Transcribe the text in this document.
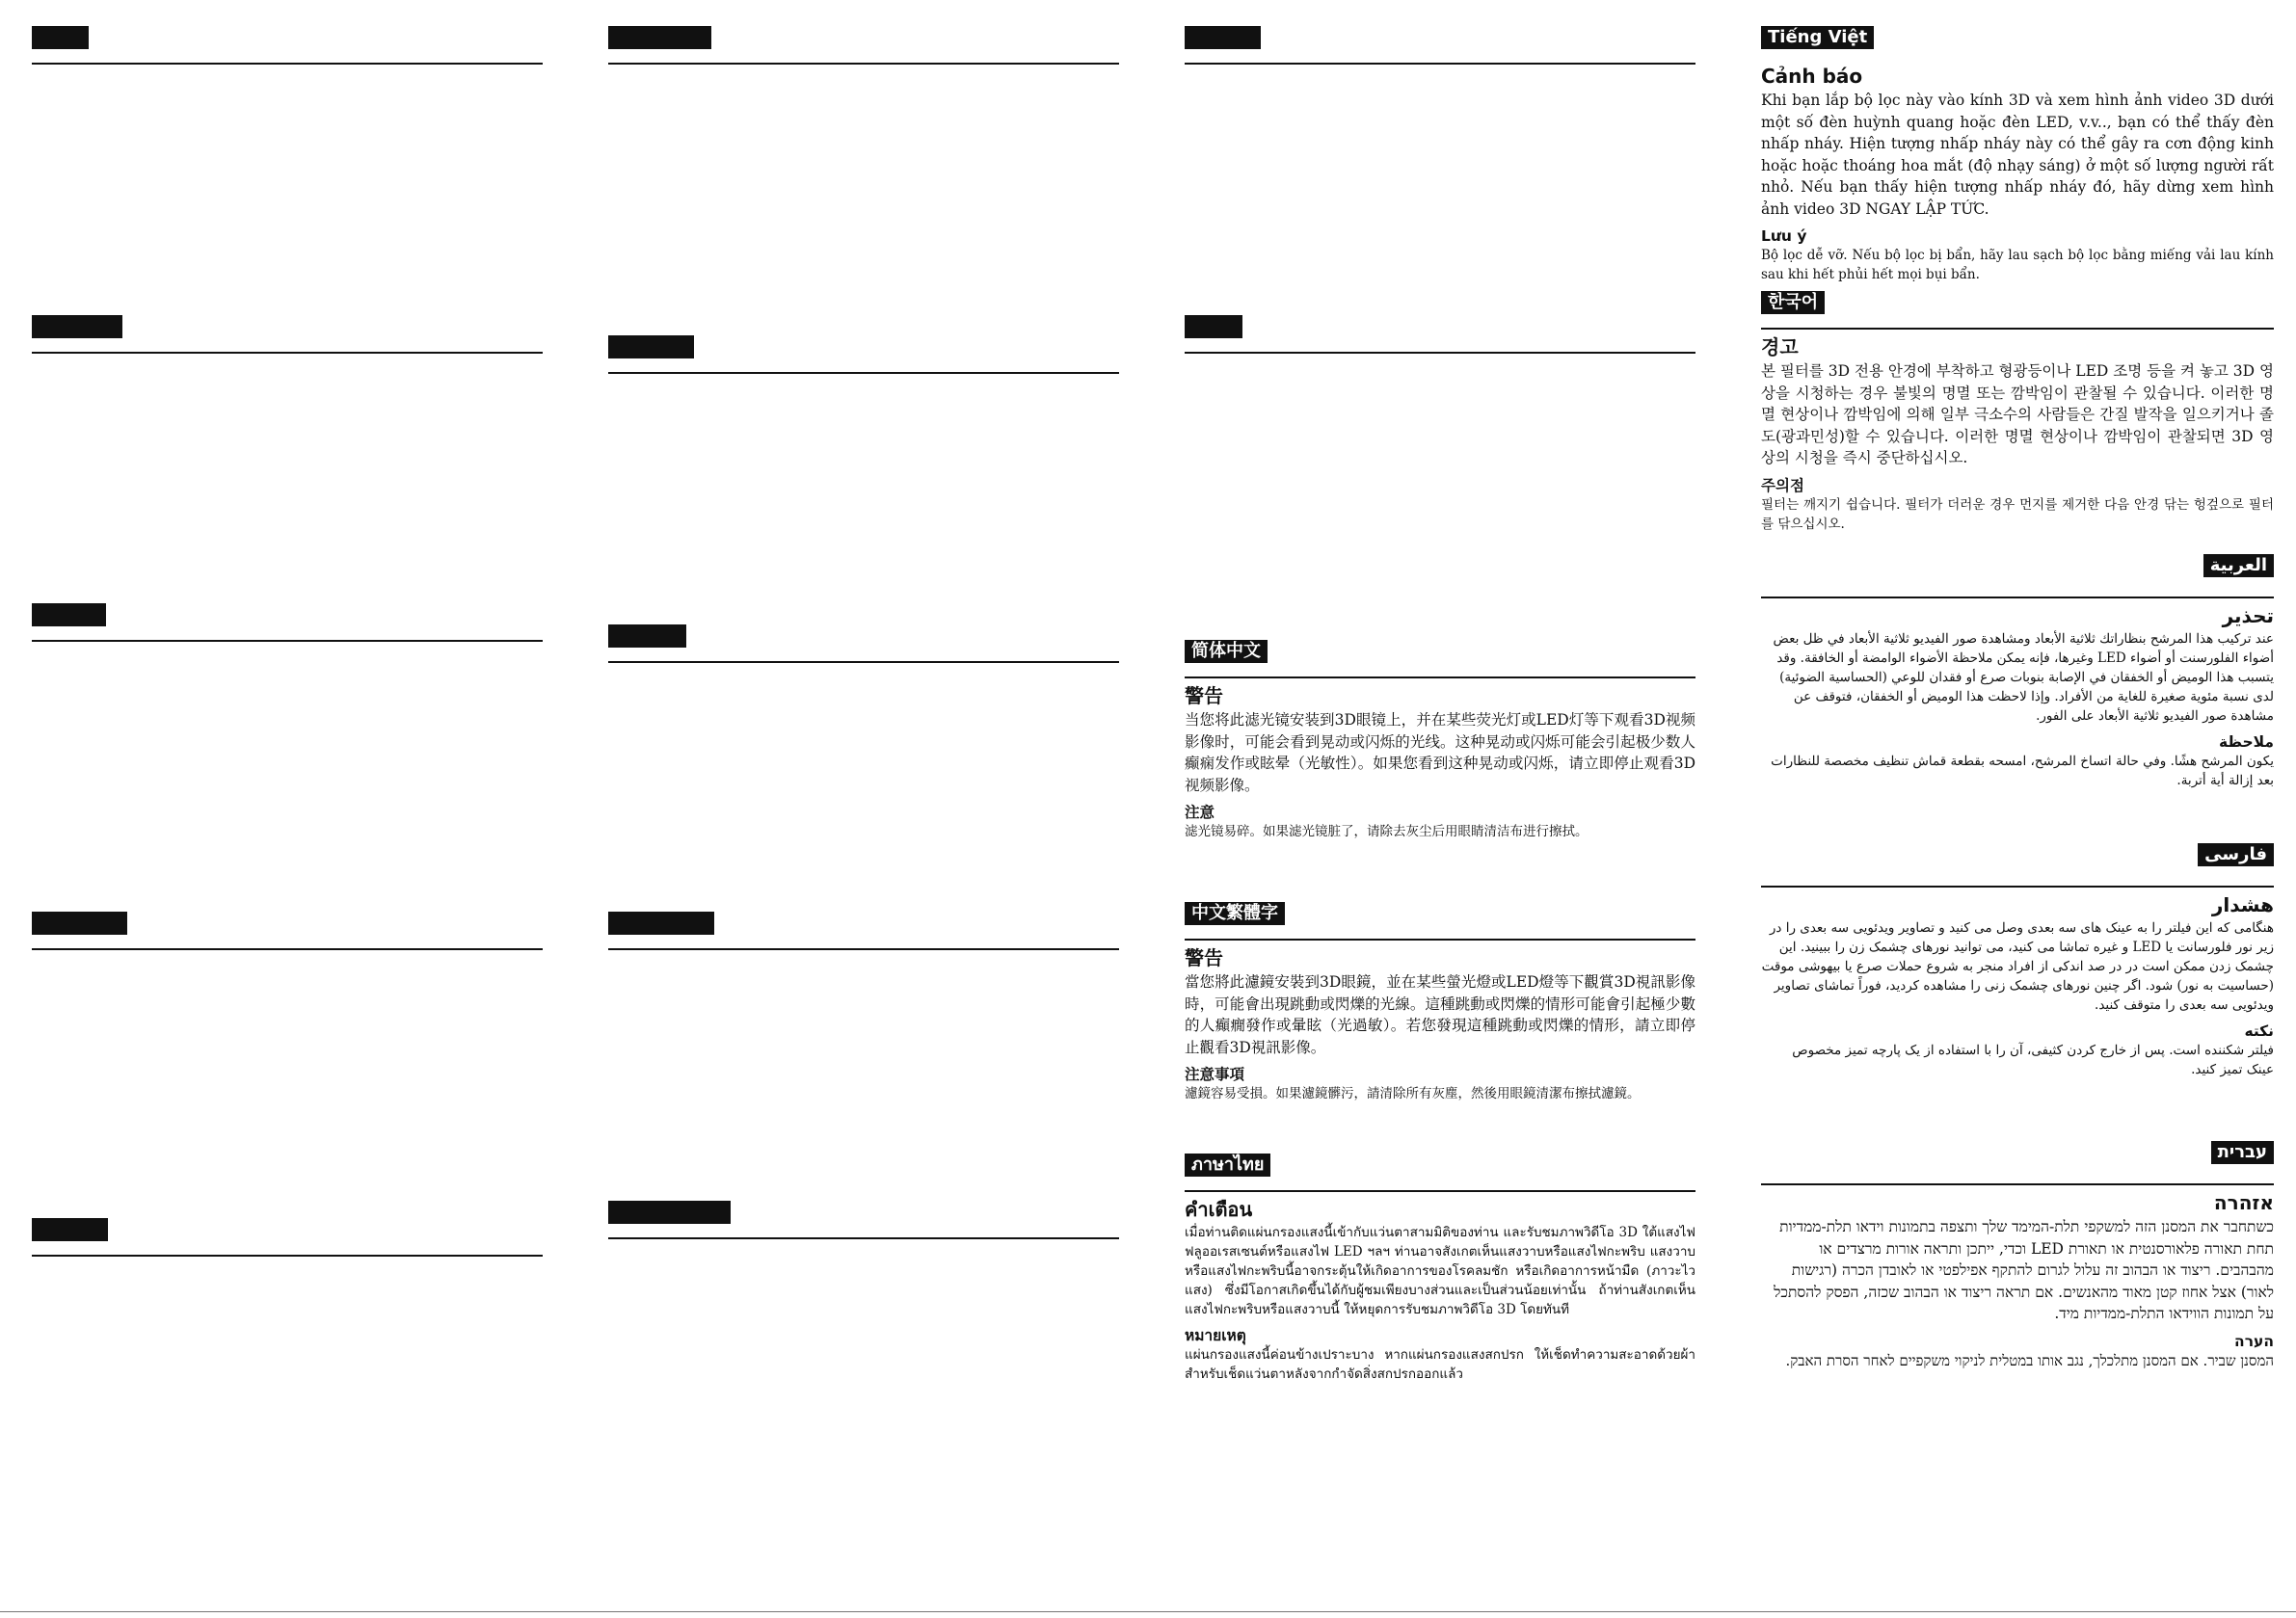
简体中文
警告

当您将此滤光镜安装到3D眼镜上，并在某些荧光灯或LED灯等下观看3D视频影像时，可能会看到晃动或闪烁的光线。这种晃动或闪烁可能会引起极少数人癫痫发作或眩晕（光敏性）。如果您看到这种晃动或闪烁，请立即停止观看3D视频影像。

注意

滤光镜易碎。如果滤光镜脏了，请除去灰尘后用眼睛清洁布进行擦拭。

中文繁體字
警告

當您將此濾鏡安裝到3D眼鏡，並在某些螢光燈或LED燈等下觀賞3D視訊影像時，可能會出現跳動或閃爍的光線。這種跳動或閃爍的情形可能會引起極少數的人癲癇發作或暈眩（光過敏）。若您發現這種跳動或閃爍的情形，請立即停止觀看3D視訊影像。

注意事項

濾鏡容易受損。如果濾鏡髒污，請清除所有灰塵，然後用眼鏡清潔布擦拭濾鏡。

ภาษาไทย
คำเตือน

เมื่อท่านติดแผ่นกรองแสงนี้เข้ากับแว่นตาสามมิติของท่าน และรับชมภาพวิดีโอ 3D ใต้แสงไฟฟลูออเรสเซนต์หรือแสงไฟ LED ฯลฯ ท่านอาจสังเกตเห็นแสงวาบหรือแสงไฟกะพริบ แสงวาบหรือแสงไฟกะพริบนี้อาจกระตุ้นให้เกิดอาการของโรคลมชัก หรือเกิดอาการหน้ามืด (ภาวะไวแสง) ซึ่งมีโอกาสเกิดขึ้นได้กับผู้ชมเพียงบางส่วนและเป็นส่วนน้อยเท่านั้น ถ้าท่านสังเกตเห็นแสงไฟกะพริบหรือแสงวาบนี้ ให้หยุดการรับชมภาพวิดีโอ 3D โดยทันที

หมายเหตุ

แผ่นกรองแสงนี้ค่อนข้างเปราะบาง หากแผ่นกรองแสงสกปรก ให้เช็ดทำความสะอาดด้วยผ้าสำหรับเช็ดแว่นตาหลังจากกำจัดสิ่งสกปรกออกแล้ว

Tiếng Việt
Cảnh báo

Khi bạn lắp bộ lọc này vào kính 3D và xem hình ảnh video 3D dưới một số đèn huỳnh quang hoặc đèn LED, v.v.., bạn có thể thấy đèn nhấp nháy. Hiện tượng nhấp nháy này có thể gây ra cơn động kinh hoặc hoặc thoáng hoa mắt (độ nhạy sáng) ở một số lượng người rất nhỏ. Nếu bạn thấy hiện tượng nhấp nháy đó, hãy dừng xem hình ảnh video 3D NGAY LẬP TỨC.

Lưu ý

Bộ lọc dễ vỡ. Nếu bộ lọc bị bẩn, hãy lau sạch bộ lọc bằng miếng vải lau kính sau khi hết phủi hết mọi bụi bẩn.

한국어
경고

본 필터를 3D 전용 안경에 부착하고 형광등이나 LED 조명 등을 켜 놓고 3D 영상을 시청하는 경우 불빛의 명멸 또는 깜박임이 관찰될 수 있습니다. 이러한 명멸 현상이나 깜박임에 의해 일부 극소수의 사람들은 간질 발작을 일으키거나 졸도(광과민성)할 수 있습니다. 이러한 명멸 현상이나 깜박임이 관찰되면 3D 영상의 시청을 즉시 중단하십시오.

주의점

필터는 깨지기 쉽습니다. 필터가 더러운 경우 먼지를 제거한 다음 안경 닦는 헝겊으로 필터를 닦으십시오.

العربية
تحذير

عند تركيب هذا المرشح بنظاراتك ثلاثية الأبعاد ومشاهدة صور الفيديو ثلاثية الأبعاد في ظل بعض أضواء الفلورسنت أو أضواء LED وغيرها، فإنه يمكن ملاحظة الأضواء الوامضة أو الخافقة. وقد يتسبب هذا الوميض أو الخفقان في الإصابة بنوبات صرع أو فقدان للوعي (الحساسية الضوئية) لدى نسبة مئوية صغيرة للغاية من الأفراد. وإذا لاحظت هذا الوميض أو الخفقان، فتوقف عن مشاهدة صور الفيديو ثلاثية الأبعاد على الفور.

ملاحظة

يكون المرشح هشًا. وفي حالة اتساخ المرشح، امسحه بقطعة قماش تنظيف مخصصة للنظارات بعد إزالة أية أتربة.

فارسی
هشدار

هنگامی که این فیلتر را به عینک های سه بعدی وصل می کنید و تصاویر ویدئویی سه بعدی را در زیر نور فلورسانت یا LED و غیره تماشا می کنید، می توانید نورهای چشمک زن را ببینید. این چشمک زدن ممکن است در در صد اندکی از افراد منجر به شروع حملات صرع یا بیهوشی موقت (حساسیت به نور) شود. اگر چنین نورهای چشمک زنی را مشاهده کردید، فوراً تماشای تصاویر ویدئویی سه بعدی را متوقف کنید.

نکته

فیلتر شکننده است. پس از خارج کردن کثیفی، آن را با استفاده از یک پارچه تمیز مخصوص عینک تمیز کنید.

עברית
אזהרה

כשתחבר את המסנן הזה למשקפי תלת-המימד שלך ותצפה בתמונות וידאו תלת-ממדיות תחת תאורה פלאורסנטית או תאורת LED וכדי, ייתכן ותראה אורות מרצדים או מהבהבים. ריצוד או הבהוב זה עלול לגרום להתקף אפילפטי או לאובדן הכרה (רגישות לאור) אצל אחוז קטן מאוד מהאנשים. אם תראה ריצוד או הבהוב שכזה, הפסק להסתכל על תמונות הווידאו התלת-ממדיות מיד.

הערה

המסנן שביר. אם המסנן מתלכלך, נגב אותו במטלית לניקוי משקפיים לאחר הסרת האבק.
